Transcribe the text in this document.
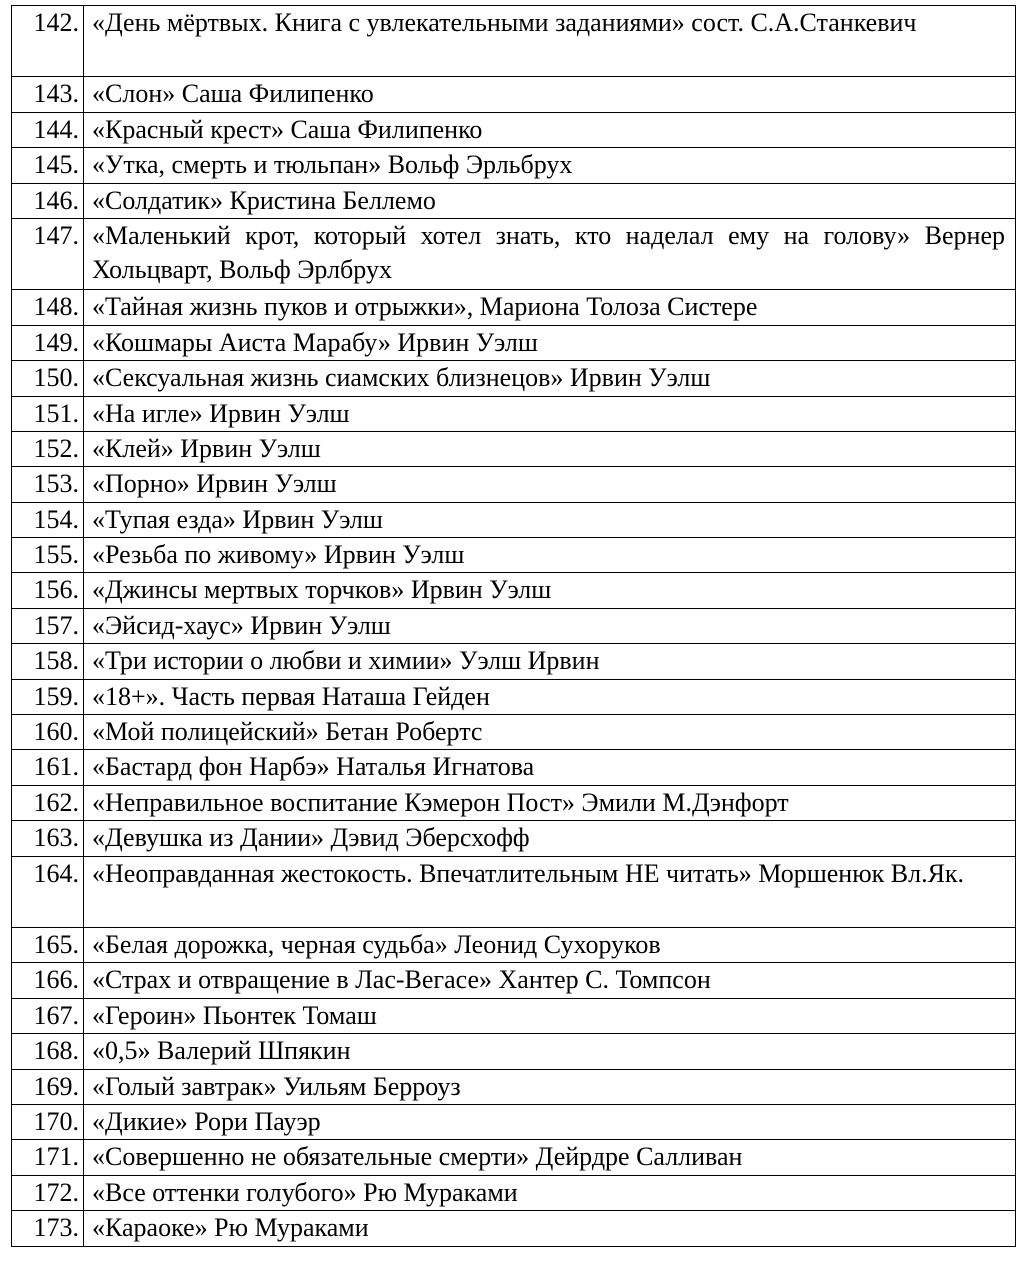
142.	«День мёртвых. Книга с увлекательными заданиями» сост. С.А.Станкевич
143.	«Слон» Саша Филипенко
144.	«Красный крест» Саша Филипенко
145.	«Утка, смерть и тюльпан» Вольф Эрльбрух
146.	«Солдатик» Кристина Беллемо
147.	«Маленький крот, который хотел знать, кто наделал ему на голову» Вернер Хольцварт, Вольф Эрлбрух
148.	«Тайная жизнь пуков и отрыжки», Мариона Толоза Систере
149.	«Кошмары Аиста Марабу» Ирвин Уэлш
150.	«Сексуальная жизнь сиамских близнецов» Ирвин Уэлш
151.	«На игле» Ирвин Уэлш
152.	«Клей» Ирвин Уэлш
153.	«Порно» Ирвин Уэлш
154.	«Тупая езда» Ирвин Уэлш
155.	«Резьба по живому» Ирвин Уэлш
156.	«Джинсы мертвых торчков» Ирвин Уэлш
157.	«Эйсид-хаус» Ирвин Уэлш
158.	«Три истории о любви и химии» Уэлш Ирвин
159.	«18+». Часть первая Наташа Гейден
160.	«Мой полицейский» Бетан Робертс
161.	«Бастард фон Нарбэ» Наталья Игнатова
162.	«Неправильное воспитание Кэмерон Пост» Эмили М.Дэнфорт
163.	«Девушка из Дании» Дэвид Эберсхофф
164.	«Неоправданная жестокость. Впечатлительным НЕ читать» Моршенюк Вл.Як.
165.	«Белая дорожка, черная судьба» Леонид Сухоруков
166.	«Страх и отвращение в Лас-Вегасе» Хантер С. Томпсон
167.	«Героин» Пьонтек Томаш
168.	«0,5» Валерий Шпякин
169.	«Голый завтрак» Уильям Берроуз
170.	«Дикие» Рори Пауэр
171.	«Совершенно не обязательные смерти» Дейрдре Салливан
172.	«Все оттенки голубого» Рю Мураками
173.	«Караоке» Рю Мураками
